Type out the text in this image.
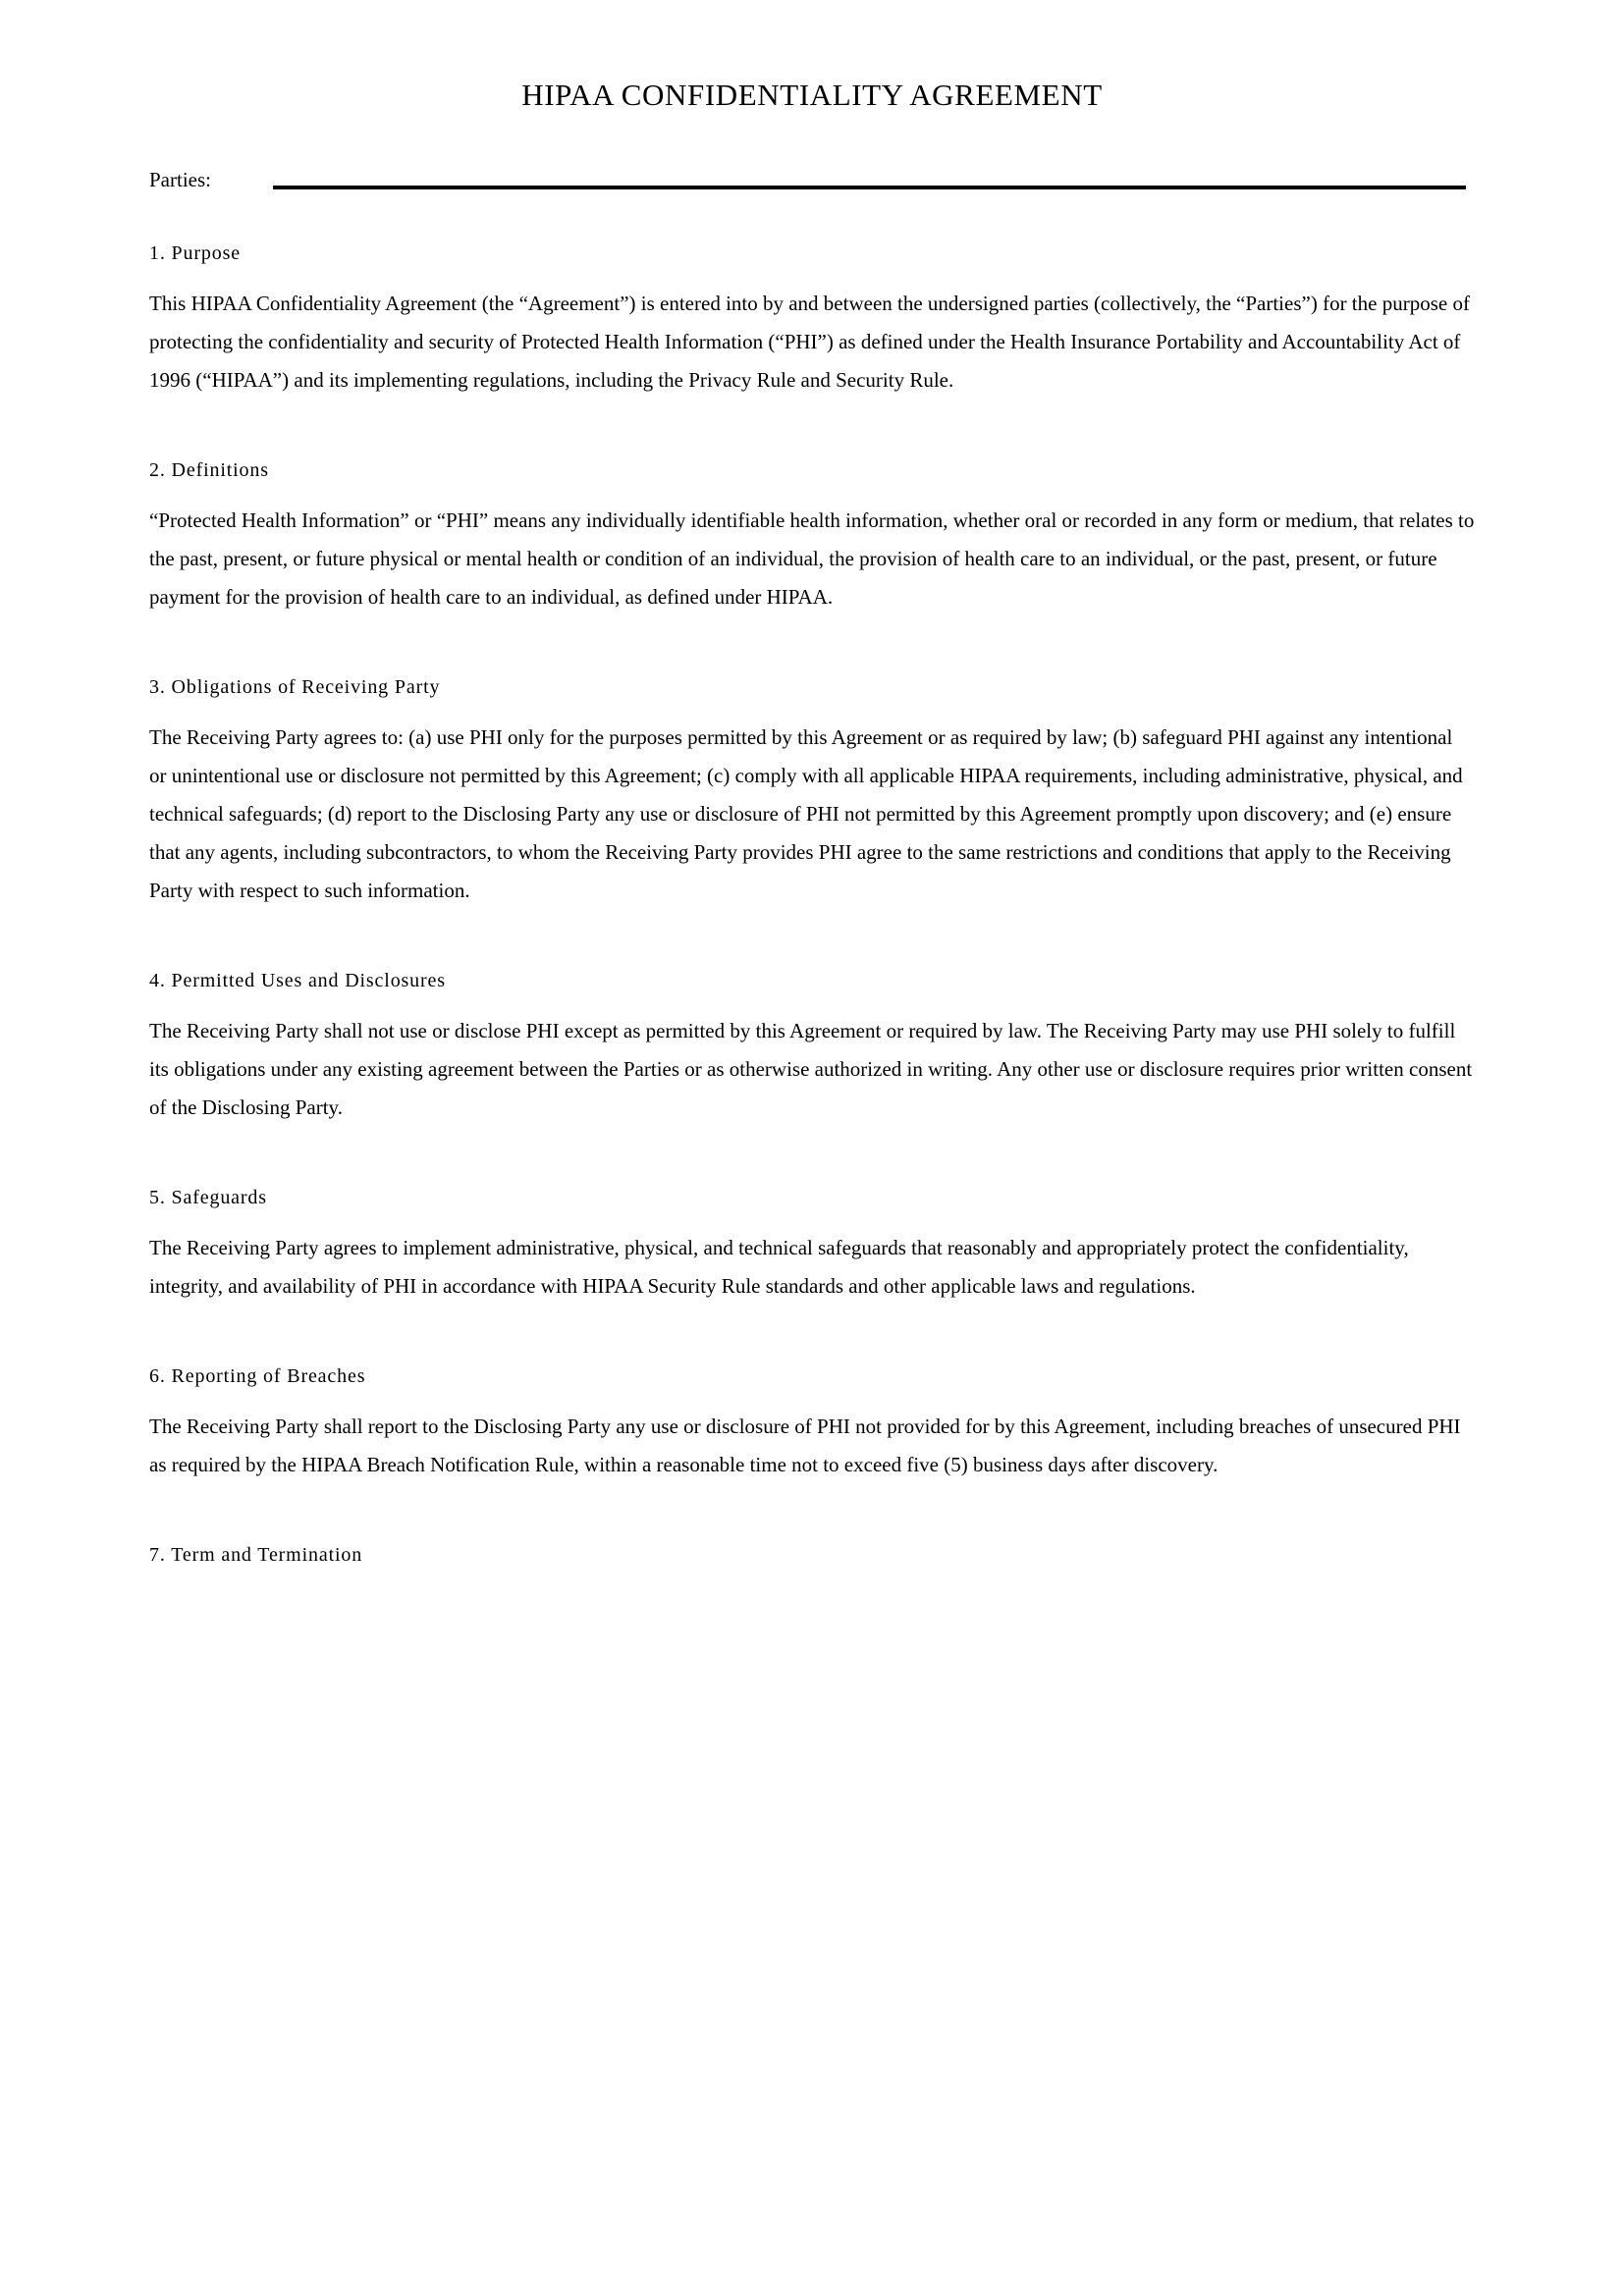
HIPAA CONFIDENTIALITY AGREEMENT
Parties:
1. Purpose

This HIPAA Confidentiality Agreement (the “Agreement”) is entered into by and between the undersigned parties (collectively, the “Parties”) for the purpose of protecting the confidentiality and security of Protected Health Information (“PHI”) as defined under the Health Insurance Portability and Accountability Act of 1996 (“HIPAA”) and its implementing regulations, including the Privacy Rule and Security Rule.

2. Definitions

“Protected Health Information” or “PHI” means any individually identifiable health information, whether oral or recorded in any form or medium, that relates to the past, present, or future physical or mental health or condition of an individual, the provision of health care to an individual, or the past, present, or future payment for the provision of health care to an individual, as defined under HIPAA.

3. Obligations of Receiving Party

The Receiving Party agrees to: (a) use PHI only for the purposes permitted by this Agreement or as required by law; (b) safeguard PHI against any intentional or unintentional use or disclosure not permitted by this Agreement; (c) comply with all applicable HIPAA requirements, including administrative, physical, and technical safeguards; (d) report to the Disclosing Party any use or disclosure of PHI not permitted by this Agreement promptly upon discovery; and (e) ensure that any agents, including subcontractors, to whom the Receiving Party provides PHI agree to the same restrictions and conditions that apply to the Receiving Party with respect to such information.

4. Permitted Uses and Disclosures

The Receiving Party shall not use or disclose PHI except as permitted by this Agreement or required by law. The Receiving Party may use PHI solely to fulfill its obligations under any existing agreement between the Parties or as otherwise authorized in writing. Any other use or disclosure requires prior written consent of the Disclosing Party.

5. Safeguards

The Receiving Party agrees to implement administrative, physical, and technical safeguards that reasonably and appropriately protect the confidentiality, integrity, and availability of PHI in accordance with HIPAA Security Rule standards and other applicable laws and regulations.

6. Reporting of Breaches

The Receiving Party shall report to the Disclosing Party any use or disclosure of PHI not provided for by this Agreement, including breaches of unsecured PHI as required by the HIPAA Breach Notification Rule, within a reasonable time not to exceed five (5) business days after discovery.

7. Term and Termination
